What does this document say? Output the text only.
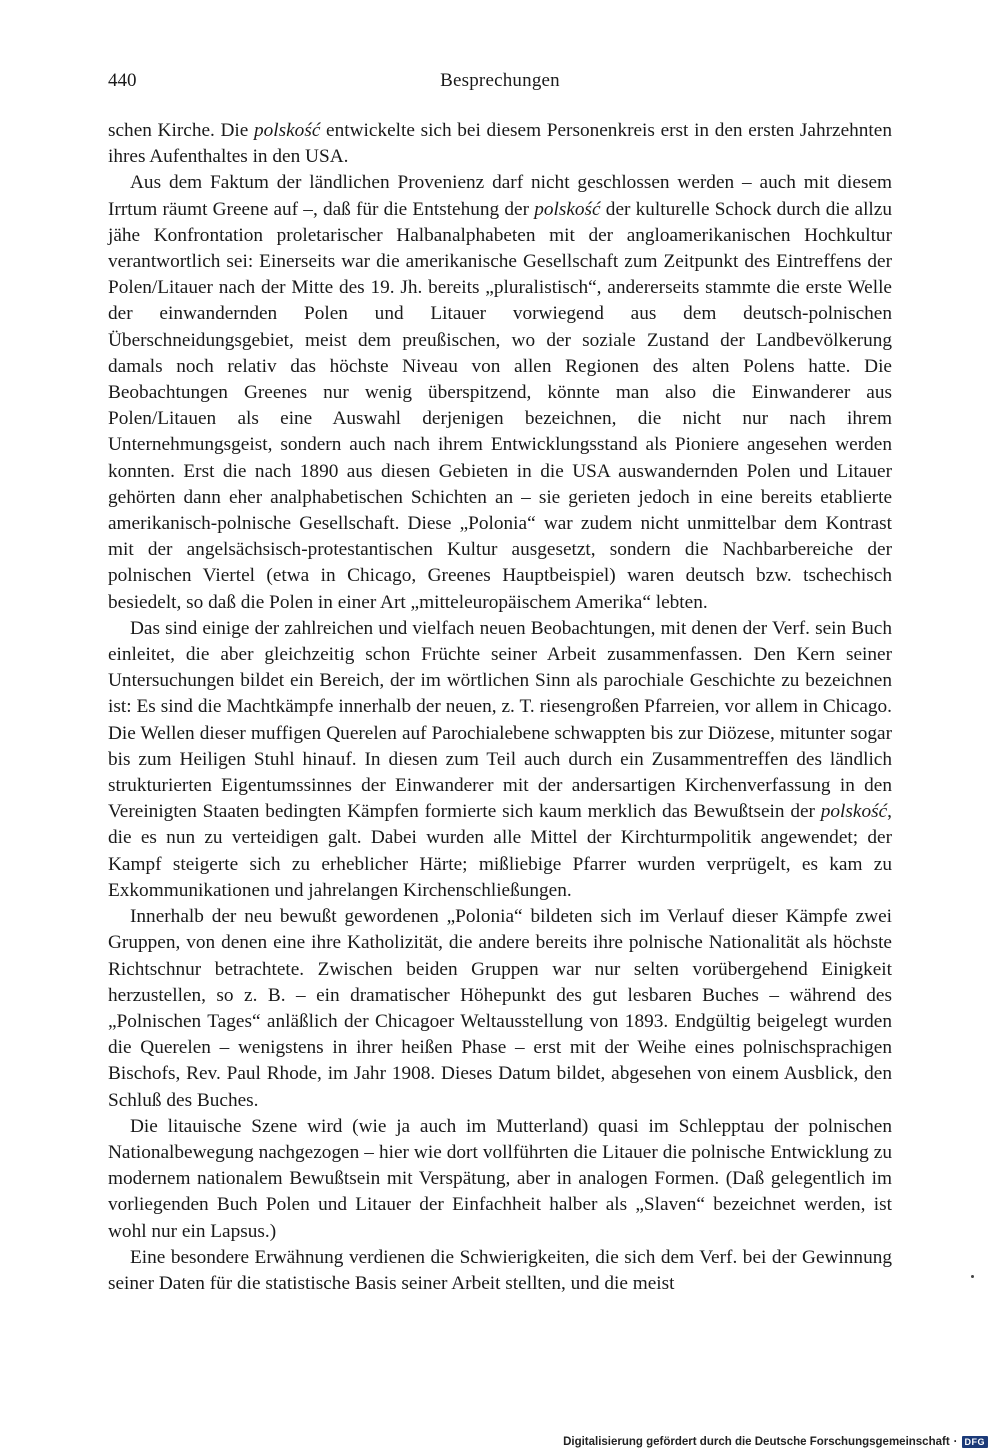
440	Besprechungen

schen Kirche. Die polskość entwickelte sich bei diesem Personenkreis erst in den ersten Jahrzehnten ihres Aufenthaltes in den USA.

Aus dem Faktum der ländlichen Provenienz darf nicht geschlossen werden – auch mit diesem Irrtum räumt Greene auf –, daß für die Entstehung der polskość der kulturelle Schock durch die allzu jähe Konfrontation proletarischer Halbanalphabeten mit der angloamerikanischen Hochkultur verantwortlich sei: Einerseits war die amerikanische Gesellschaft zum Zeitpunkt des Eintreffens der Polen/Litauer nach der Mitte des 19. Jh. bereits „pluralistisch“, andererseits stammte die erste Welle der einwandernden Polen und Litauer vorwiegend aus dem deutsch-polnischen Überschneidungsgebiet, meist dem preußischen, wo der soziale Zustand der Landbevölkerung damals noch relativ das höchste Niveau von allen Regionen des alten Polens hatte. Die Beobachtungen Greenes nur wenig überspitzend, könnte man also die Einwanderer aus Polen/Litauen als eine Auswahl derjenigen bezeichnen, die nicht nur nach ihrem Unternehmungsgeist, sondern auch nach ihrem Entwicklungsstand als Pioniere angesehen werden konnten. Erst die nach 1890 aus diesen Gebieten in die USA auswandernden Polen und Litauer gehörten dann eher analphabetischen Schichten an – sie gerieten jedoch in eine bereits etablierte amerikanisch-polnische Gesellschaft. Diese „Polonia“ war zudem nicht unmittelbar dem Kontrast mit der angelsächsisch-protestantischen Kultur ausgesetzt, sondern die Nachbarbereiche der polnischen Viertel (etwa in Chicago, Greenes Hauptbeispiel) waren deutsch bzw. tschechisch besiedelt, so daß die Polen in einer Art „mitteleuropäischem Amerika“ lebten.

Das sind einige der zahlreichen und vielfach neuen Beobachtungen, mit denen der Verf. sein Buch einleitet, die aber gleichzeitig schon Früchte seiner Arbeit zusammenfassen. Den Kern seiner Untersuchungen bildet ein Bereich, der im wörtlichen Sinn als parochiale Geschichte zu bezeichnen ist: Es sind die Machtkämpfe innerhalb der neuen, z. T. riesengroßen Pfarreien, vor allem in Chicago. Die Wellen dieser muffigen Querelen auf Parochialebene schwappten bis zur Diözese, mitunter sogar bis zum Heiligen Stuhl hinauf. In diesen zum Teil auch durch ein Zusammentreffen des ländlich strukturierten Eigentumssinnes der Einwanderer mit der andersartigen Kirchenverfassung in den Vereinigten Staaten bedingten Kämpfen formierte sich kaum merklich das Bewußtsein der polskość, die es nun zu verteidigen galt. Dabei wurden alle Mittel der Kirchturmpolitik angewendet; der Kampf steigerte sich zu erheblicher Härte; mißliebige Pfarrer wurden verprügelt, es kam zu Exkommunikationen und jahrelangen Kirchenschließungen.

Innerhalb der neu bewußt gewordenen „Polonia“ bildeten sich im Verlauf dieser Kämpfe zwei Gruppen, von denen eine ihre Katholizität, die andere bereits ihre polnische Nationalität als höchste Richtschnur betrachtete. Zwischen beiden Gruppen war nur selten vorübergehend Einigkeit herzustellen, so z. B. – ein dramatischer Höhepunkt des gut lesbaren Buches – während des „Polnischen Tages“ anläßlich der Chicagoer Weltausstellung von 1893. Endgültig beigelegt wurden die Querelen – wenigstens in ihrer heißen Phase – erst mit der Weihe eines polnischsprachigen Bischofs, Rev. Paul Rhode, im Jahr 1908. Dieses Datum bildet, abgesehen von einem Ausblick, den Schluß des Buches.

Die litauische Szene wird (wie ja auch im Mutterland) quasi im Schlepptau der polnischen Nationalbewegung nachgezogen – hier wie dort vollführten die Litauer die polnische Entwicklung zu modernem nationalem Bewußtsein mit Verspätung, aber in analogen Formen. (Daß gelegentlich im vorliegenden Buch Polen und Litauer der Einfachheit halber als „Slaven“ bezeichnet werden, ist wohl nur ein Lapsus.)

Eine besondere Erwähnung verdienen die Schwierigkeiten, die sich dem Verf. bei der Gewinnung seiner Daten für die statistische Basis seiner Arbeit stellten, und die meist

Digitalisierung gefördert durch die Deutsche Forschungsgemeinschaft · DFG
